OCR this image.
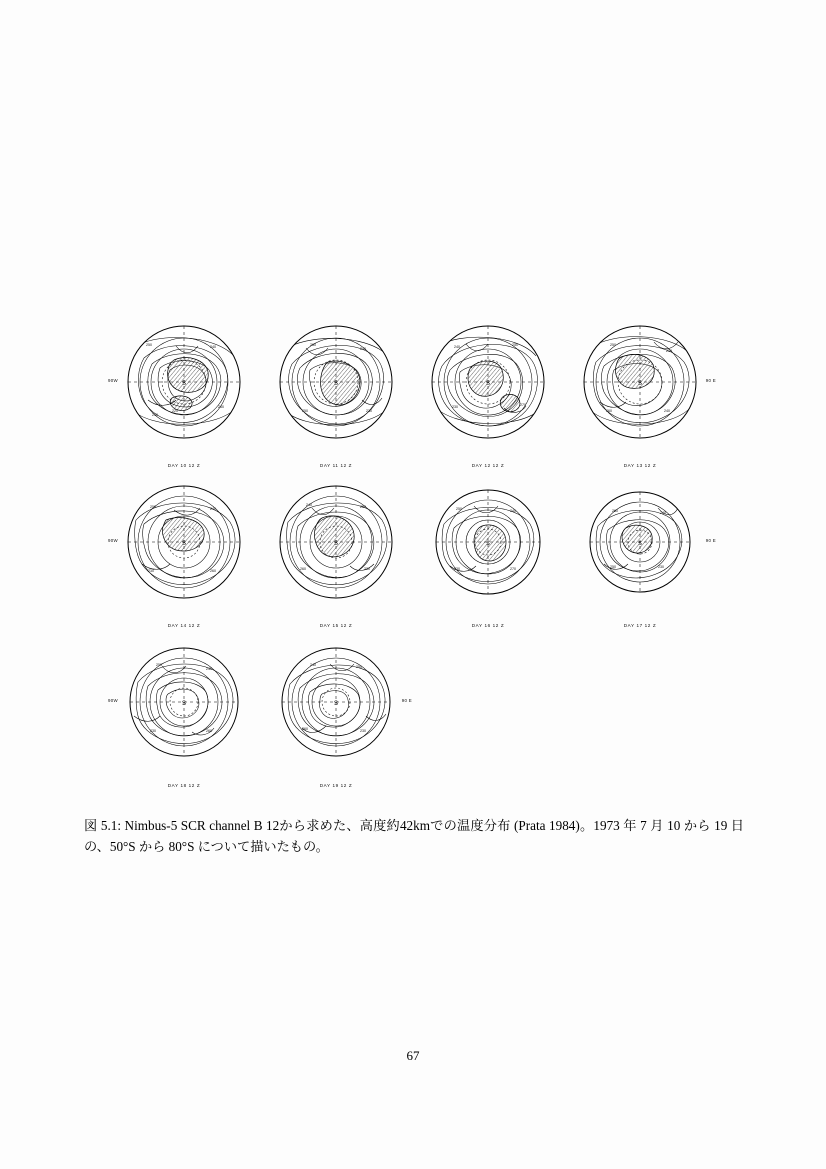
S
250	240
260
230
220
90W
DAY 10 12 Z
S
260
240
230
250
DAY 11 12 Z
S
240	250
270
230
DAY 12 12 Z
S
250
230
240
260
90 E
DAY 13 12 Z
S
250	240
260
230
90W
DAY 14 12 Z
S
240	250
230
260
DAY 15 12 Z
S
250	240
270
230
DAY 16 12 Z
S
260	240
230
250
90 E
DAY 17 12 Z
S
250
240
260
230
90W
DAY 18 12 Z
S
240	250
230
260
90 E
DAY 19 12 Z
図 5.1: Nimbus-5 SCR channel B 12から求めた、高度約42kmでの温度分布 (Prata 1984)。1973 年 7 月 10 から 19 日の、50°S から 80°S について描いたもの。
67
